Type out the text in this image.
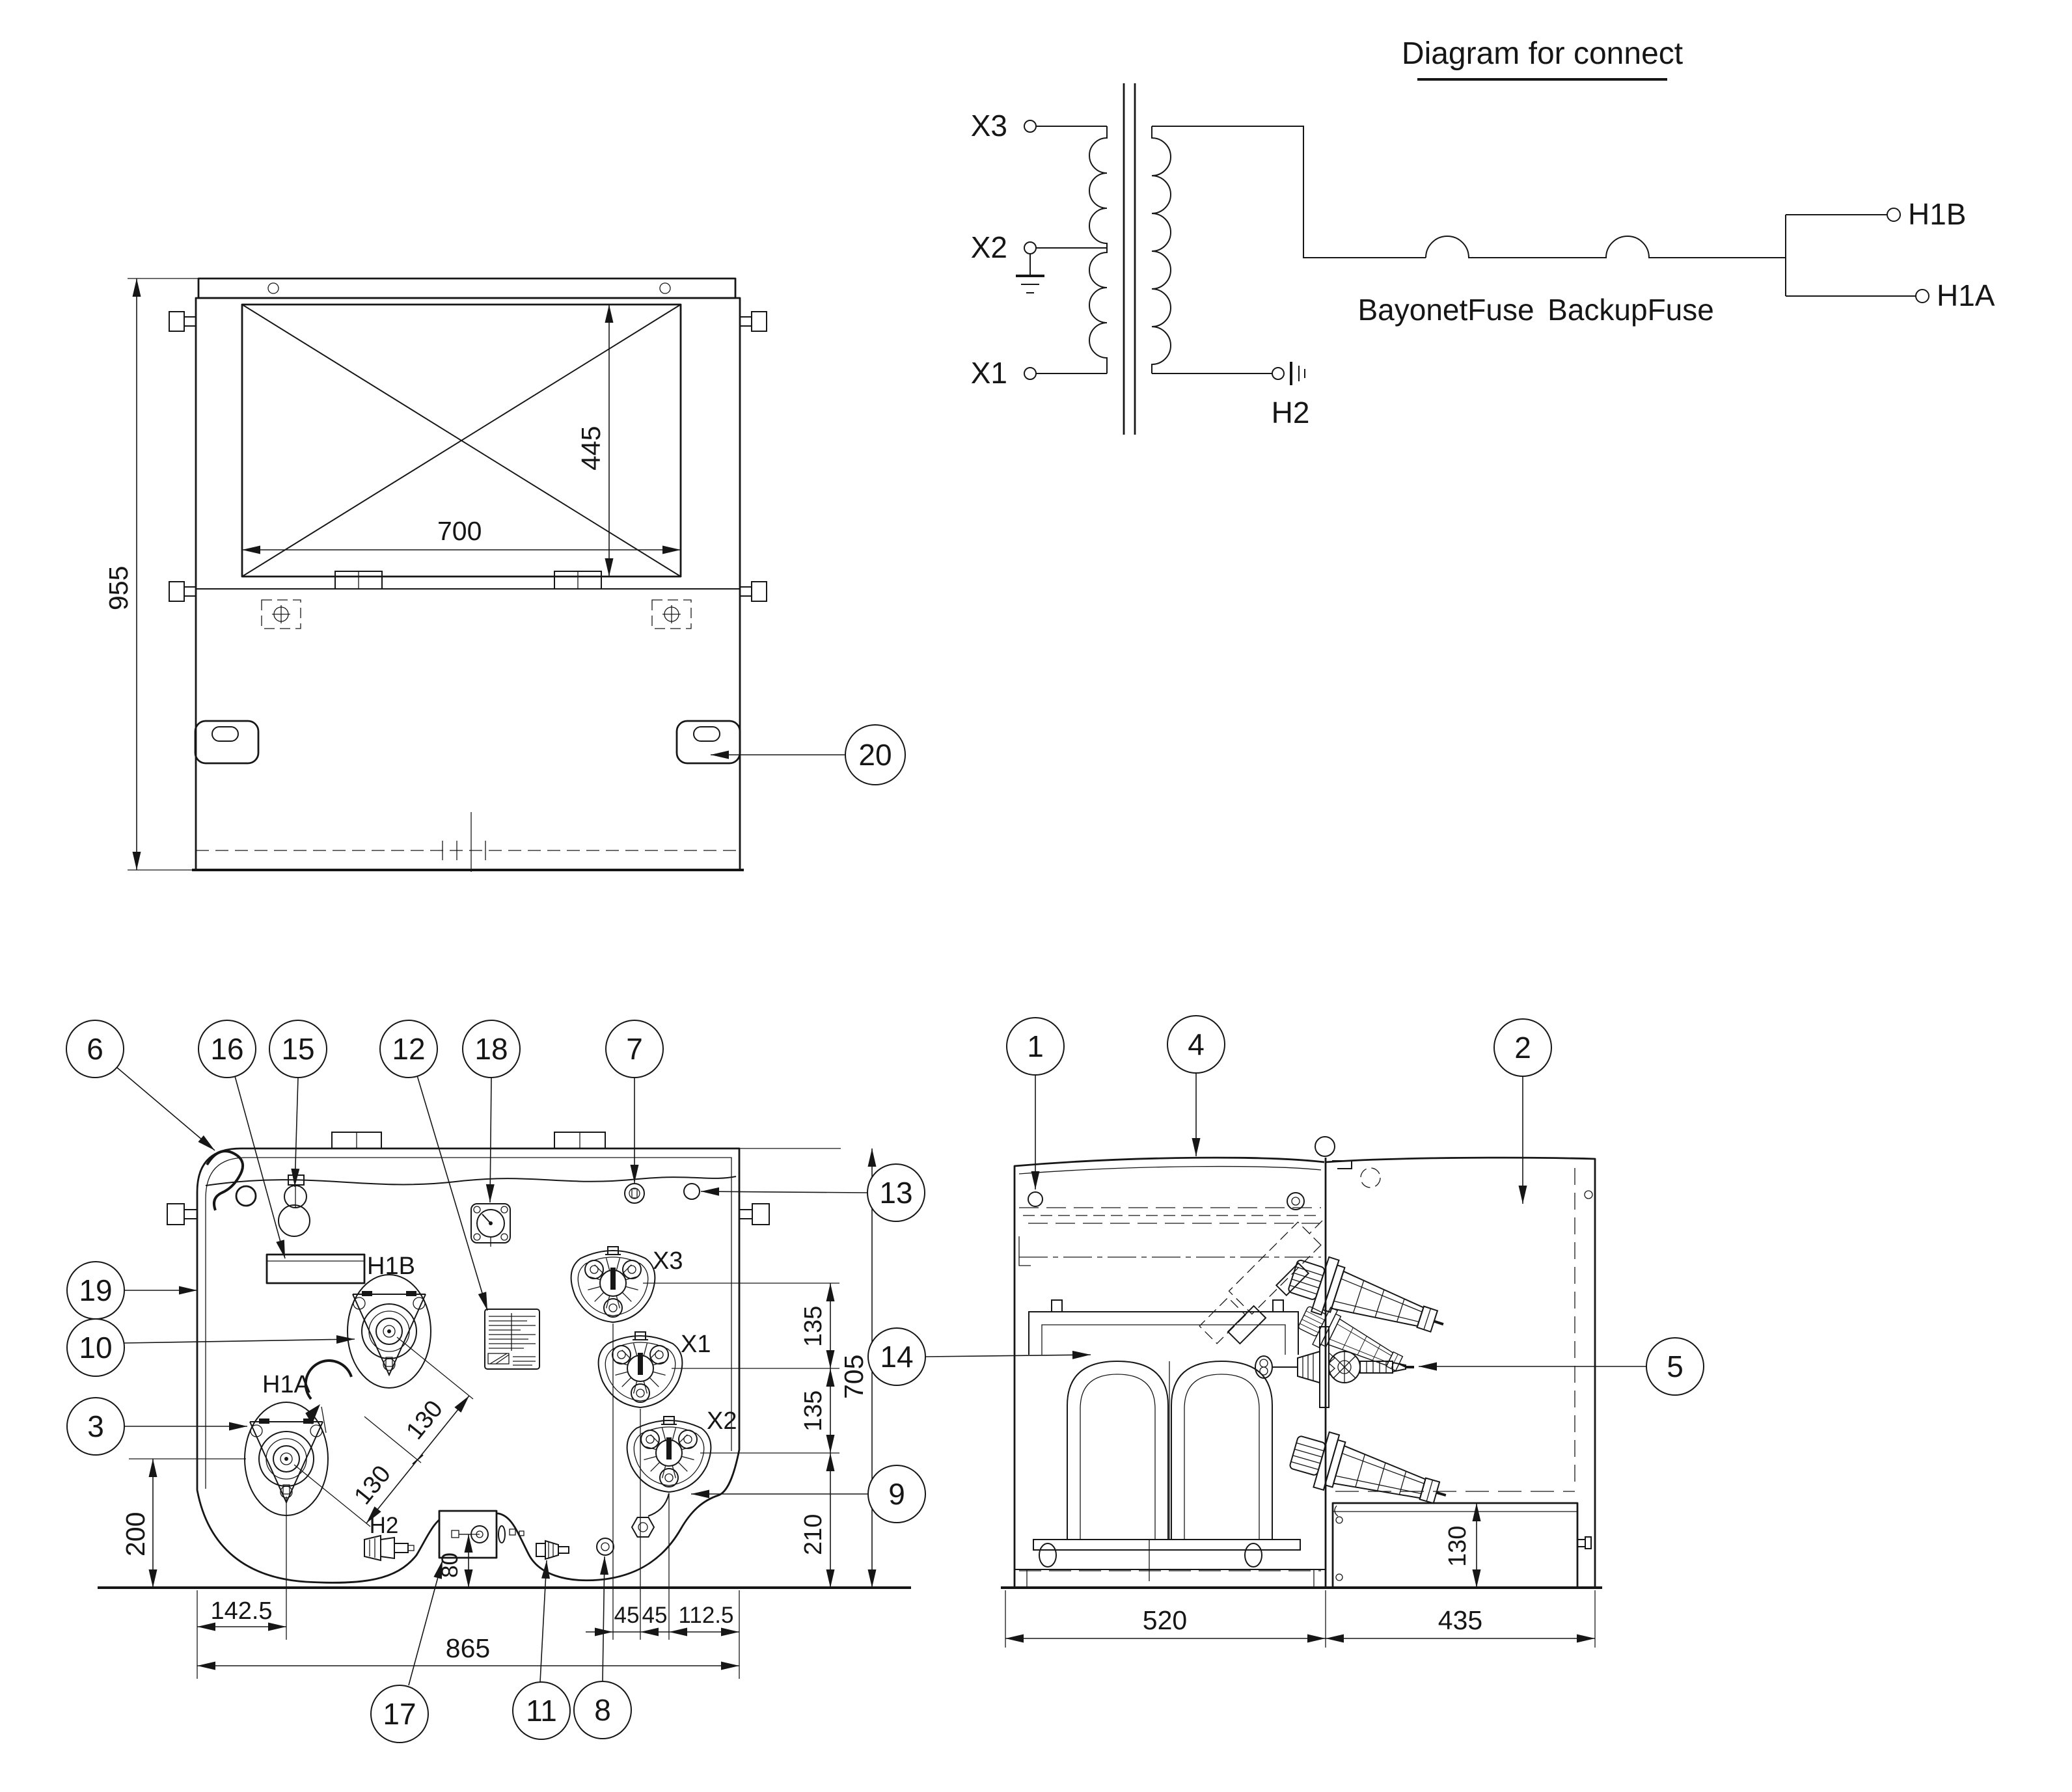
955
700
445
20
Diagram for connect
X3
X2
X1
H1B
H1A
H2
BayonetFuse BackupFuse
H1B
H1A
H2
X3
X1
X2
200
142.5
865
45 45 112.5
135
135
210
705
80
130
130
6	16 15	12 18	7
13
19
10
3
9
17	11 8
130
520	435
1	4	2
5
14
